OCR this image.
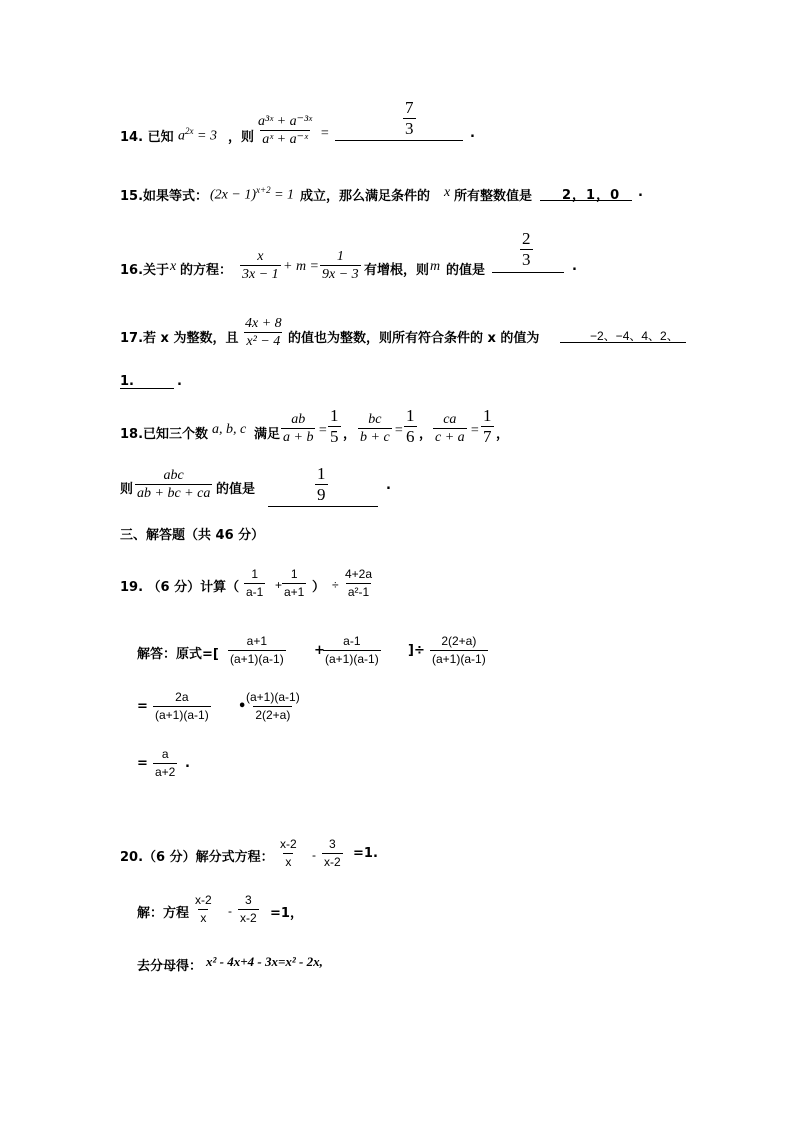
14. 已知 $a^{2x} = 3$ ，则 $\frac{\text{a³ˣ + a⁻³ˣ}}{\text{aˣ + a⁻ˣ}}$ =	$\frac{7}{3}$	.
15.如果等式： $(2x - 1)^{x+2} = 1$ 成立，那么满足条件的 x 所有整数值是 2，1，0 .
16.关于 x 的方程： $\frac{x}{3x - 1} + m = \frac{1}{9x - 3}$ 有增根，则 m 的值是
$\frac{2}{3}$	.
17.若 x 为整数，且 $\frac{4x + 8}{\text{x² − 4}}$ 的值也为整数，则所有符合条件的 x 的值为	−2、−4、4、2、
1.	.
18.已知三个数 a, b, c 满足 $\frac{ab}{a + b} = \frac{1}{5}$ ， $\frac{bc}{b + c} = \frac{1}{6}$ ， $\frac{ca}{c + a} = \frac{1}{7}$ ，
则
abc
ab + bc + ca 的值是	$\frac{1}{9}$	.
三、解答题（共 46 分）
19. （6 分）计算（ $\frac{1}{a-1} + \frac{1}{a+1}$ ） ÷ $\frac{4+2a}{\text{a²-1}}$
解答：原式=[ $\frac{a+1}{(a+1)(a-1)}$ +
$\frac{a-1}{(a+1)(a-1)}$ ]÷ $\frac{2(2+a)}{(a+1)(a-1)}$
= $\frac{2a}{(a+1)(a-1)}$ •
$\frac{(a+1)(a-1)}{2(2+a)}$
= $\frac{a}{a+2}$ .
20.（6 分）解分式方程： $\frac{x-2}{x} - \frac{3}{x-2} =1$.
解：方程 $\frac{x-2}{x} - \frac{3}{x-2} =1$，
去分母得： x² - 4x+4 - 3x=x² - 2x,
